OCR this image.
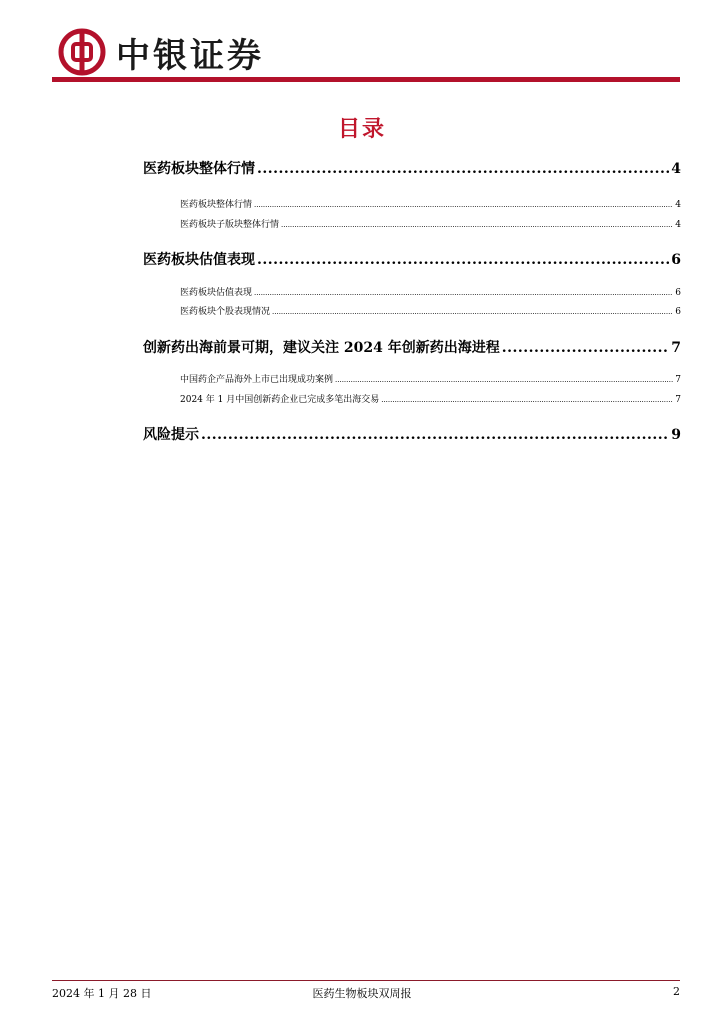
中银证券
目录
医药板块整体行情 .....	4
医药板块整体行情 .....	4
医药板块子版块整体行情 .....	4
医药板块估值表现 .....	6
医药板块估值表现 .....	6
医药板块个股表现情况 .....	6
创新药出海前景可期，建议关注 2024 年创新药出海进程 .....	7
中国药企产品海外上市已出现成功案例 .....	7
2024 年 1 月中国创新药企业已完成多笔出海交易 .....	7
风险提示 .....	9
2024 年 1 月 28 日	医药生物板块双周报	2
